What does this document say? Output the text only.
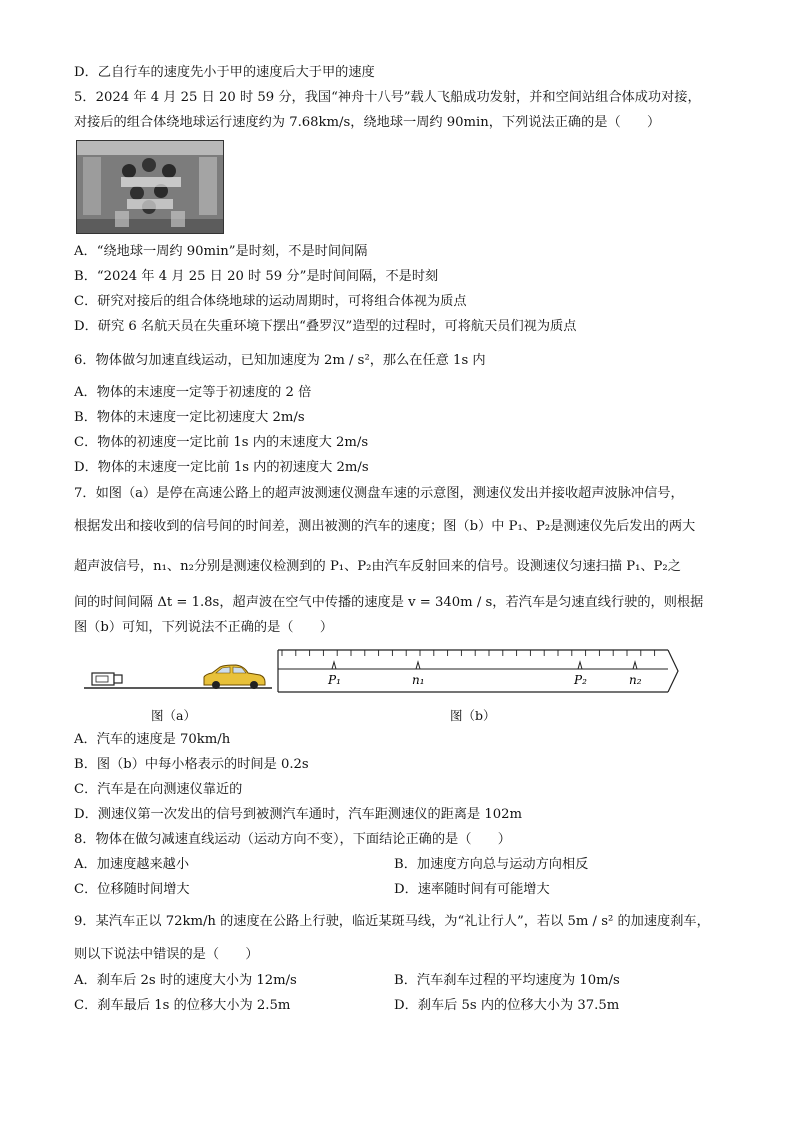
D．乙自行车的速度先小于甲的速度后大于甲的速度
5．2024 年 4 月 25 日 20 时 59 分，我国“神舟十八号”载人飞船成功发射，并和空间站组合体成功对接，
对接后的组合体绕地球运行速度约为 7.68km/s，绕地球一周约 90min，下列说法正确的是（　　）
A．“绕地球一周约 90min”是时刻，不是时间间隔
B．“2024 年 4 月 25 日 20 时 59 分”是时间间隔，不是时刻
C．研究对接后的组合体绕地球的运动周期时，可将组合体视为质点
D．研究 6 名航天员在失重环境下摆出“叠罗汉”造型的过程时，可将航天员们视为质点
6．物体做匀加速直线运动，已知加速度为 2m / s²，那么在任意 1s 内
A．物体的末速度一定等于初速度的 2 倍
B．物体的末速度一定比初速度大 2m/s
C．物体的初速度一定比前 1s 内的末速度大 2m/s
D．物体的末速度一定比前 1s 内的初速度大 2m/s
7．如图（a）是停在高速公路上的超声波测速仪测盘车速的示意图，测速仪发出并接收超声波脉冲信号，
根据发出和接收到的信号间的时间差，测出被测的汽车的速度；图（b）中 P₁、P₂是测速仪先后发出的两大
超声波信号，n₁、n₂分别是测速仪检测到的 P₁、P₂由汽车反射回来的信号。设测速仪匀速扫描 P₁、P₂之
间的时间间隔 Δt = 1.8s，超声波在空气中传播的速度是 v = 340m / s，若汽车是匀速直线行驶的，则根据
图（b）可知，下列说法不正确的是（　　）
图（a）
P₁	n₁	P₂	n₂
图（b）
A．汽车的速度是 70km/h
B．图（b）中每小格表示的时间是 0.2s
C．汽车是在向测速仪靠近的
D．测速仪第一次发出的信号到被测汽车通时，汽车距测速仪的距离是 102m
8．物体在做匀减速直线运动（运动方向不变），下面结论正确的是（　　）
A．加速度越来越小	B．加速度方向总与运动方向相反
C．位移随时间增大	D．速率随时间有可能增大
9．某汽车正以 72km/h 的速度在公路上行驶，临近某斑马线，为“礼让行人”，若以 5m / s² 的加速度刹车，
则以下说法中错误的是（　　）
A．刹车后 2s 时的速度大小为 12m/s	B．汽车刹车过程的平均速度为 10m/s
C．刹车最后 1s 的位移大小为 2.5m	D．刹车后 5s 内的位移大小为 37.5m
